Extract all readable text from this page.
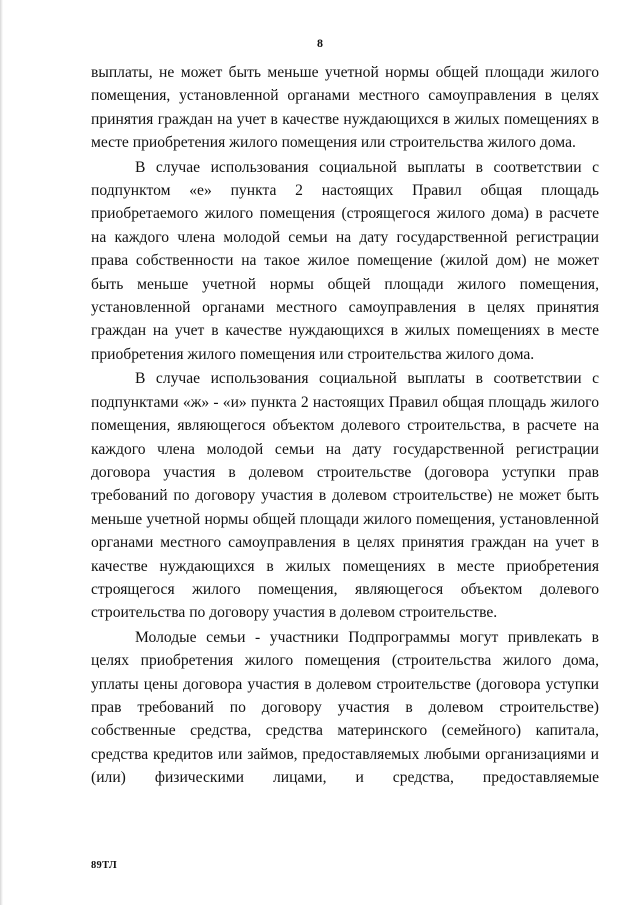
8

выплаты, не может быть меньше учетной нормы общей площади жилого помещения, установленной органами местного самоуправления в целях принятия граждан на учет в качестве нуждающихся в жилых помещениях в месте приобретения жилого помещения или строительства жилого дома.

В случае использования социальной выплаты в соответствии с подпунктом «е» пункта 2 настоящих Правил общая площадь приобретаемого жилого помещения (строящегося жилого дома) в расчете на каждого члена молодой семьи на дату государственной регистрации права собственности на такое жилое помещение (жилой дом) не может быть меньше учетной нормы общей площади жилого помещения, установленной органами местного самоуправления в целях принятия граждан на учет в качестве нуждающихся в жилых помещениях в месте приобретения жилого помещения или строительства жилого дома.

В случае использования социальной выплаты в соответствии с подпунктами «ж» - «и» пункта 2 настоящих Правил общая площадь жилого помещения, являющегося объектом долевого строительства, в расчете на каждого члена молодой семьи на дату государственной регистрации договора участия в долевом строительстве (договора уступки прав требований по договору участия в долевом строительстве) не может быть меньше учетной нормы общей площади жилого помещения, установленной органами местного самоуправления в целях принятия граждан на учет в качестве нуждающихся в жилых помещениях в месте приобретения строящегося жилого помещения, являющегося объектом долевого строительства по договору участия в долевом строительстве.

Молодые семьи - участники Подпрограммы могут привлекать в целях приобретения жилого помещения (строительства жилого дома, уплаты цены договора участия в долевом строительстве (договора уступки прав требований по договору участия в долевом строительстве) собственные средства, средства материнского (семейного) капитала, средства кредитов или займов, предоставляемых любыми организациями и (или) физическими лицами, и средства, предоставляемые

89ТЛ
